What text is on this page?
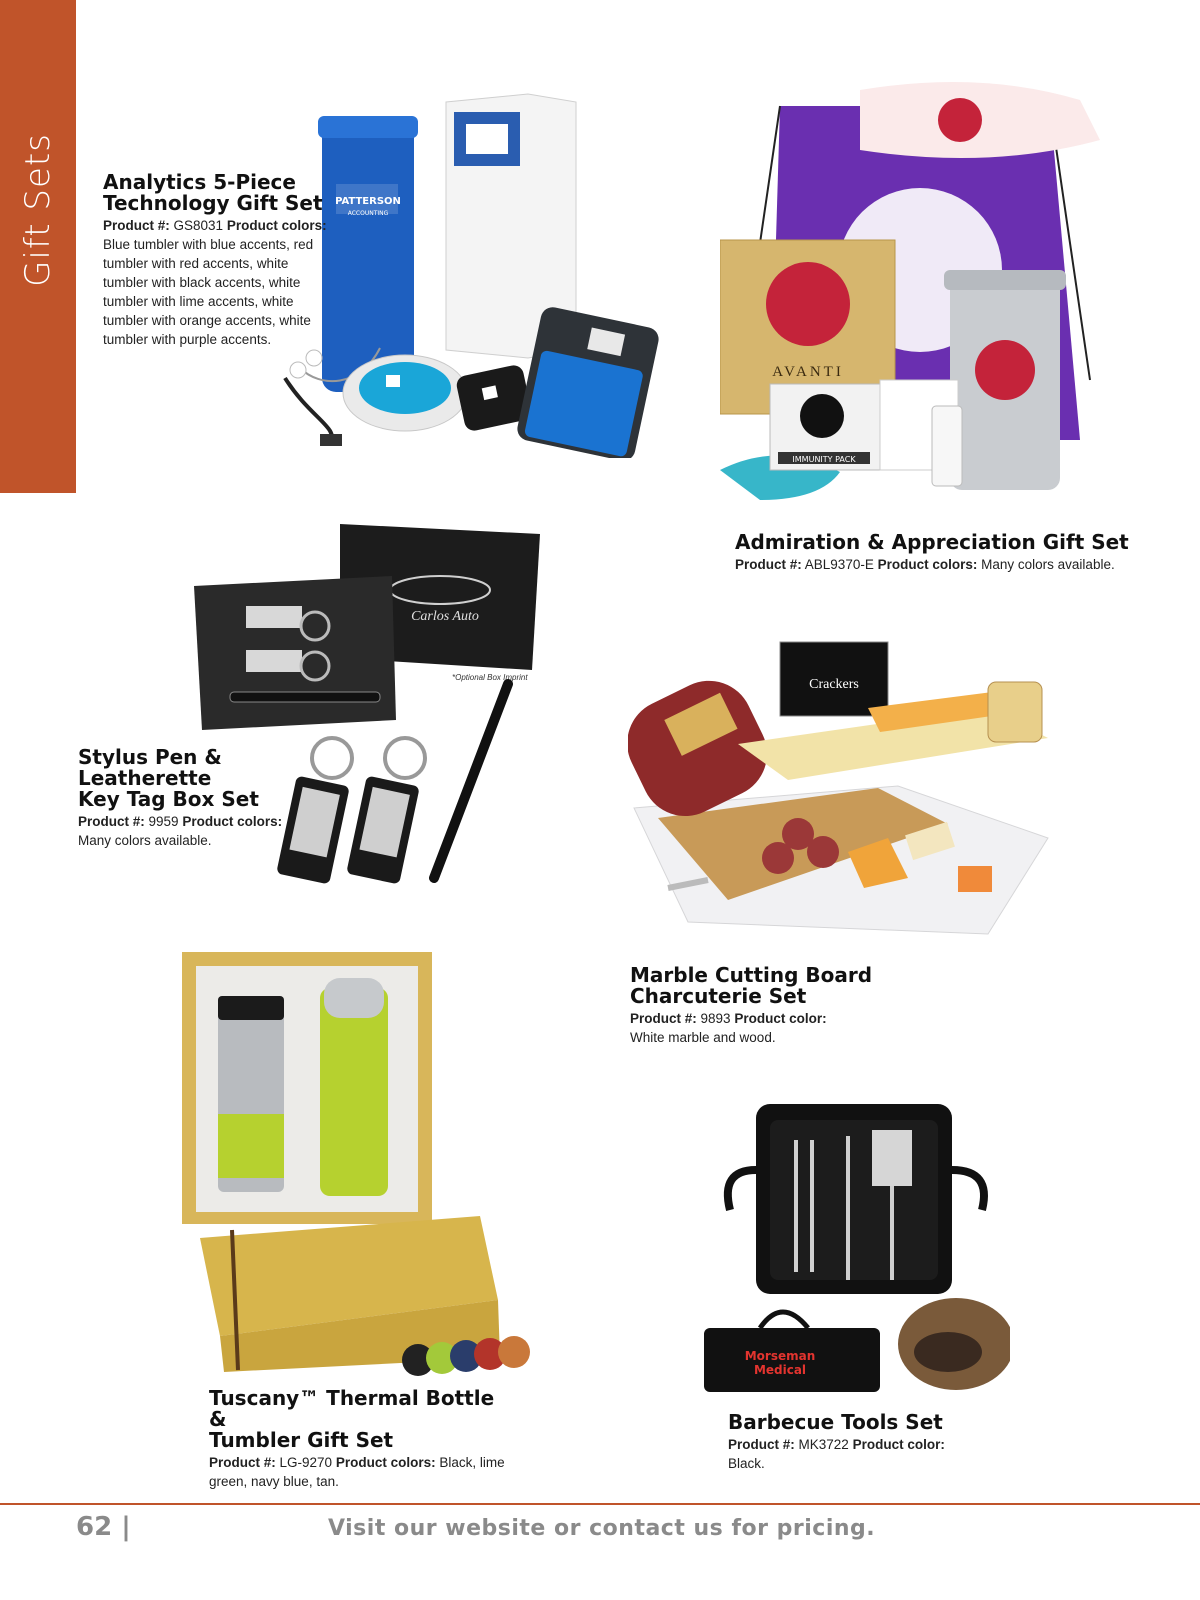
Gift Sets	PATTERSON
ACCOUNTING
Analytics 5-Piece
Technology Gift Set

Product #: GS8031 Product colors: Blue tumbler with blue accents, red tumbler with red accents, white tumbler with black accents, white tumbler with lime accents, white tumbler with orange accents, white tumbler with purple accents.

AVANTI
IMMUNITY PACK
Admiration & Appreciation Gift Set

Product #: ABL9370-E Product colors: Many colors available.

Carlos Auto
*Optional Box Imprint
Stylus Pen &
Leatherette
Key Tag Box Set

Product #: 9959 Product colors:
Many colors available.

Crackers
Marble Cutting Board
Charcuterie Set

Product #: 9893 Product color:
White marble and wood.

Tuscany™ Thermal Bottle &
Tumbler Gift Set

Product #: LG-9270 Product colors: Black, lime green, navy blue, tan.

Morseman
Medical
Barbecue Tools Set

Product #: MK3722 Product color:
Black.

62 |	Visit our website or contact us for pricing.
